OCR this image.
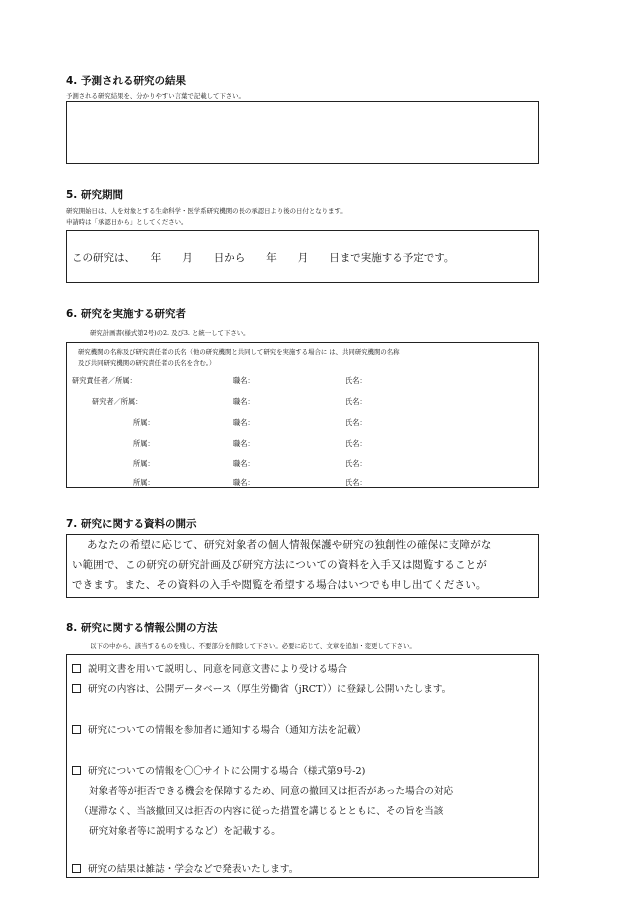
4. 予測される研究の結果
予測される研究結果を、分かりやすい言葉で記載して下さい。
5. 研究期間
研究開始日は、人を対象とする生命科学・医学系研究機関の長の承認日より後の日付となります。
申請時は「承認日から」としてください。
この研究は、　　年　　月　　日から　　年　　月　　日まで実施する予定です。
6. 研究を実施する研究者
研究計画書(様式第2号)の2. 及び3. と統一して下さい。
研究機関の名称及び研究責任者の氏名（他の研究機関と共同して研究を実施する場合に は、共同研究機関の名称
及び共同研究機関の研究責任者の氏名を含む。）
研究責任者／所属：	職名：	氏名：
研究者／所属：	職名：	氏名：
所属：	職名：	氏名：
所属：	職名：	氏名：
所属：	職名：	氏名：
所属：	職名：	氏名：
7. 研究に関する資料の開示
あなたの希望に応じて、研究対象者の個人情報保護や研究の独創性の確保に支障がな
い範囲で、この研究の研究計画及び研究方法についての資料を入手又は閲覧することが
できます。また、その資料の入手や閲覧を希望する場合はいつでも申し出てください。
8. 研究に関する情報公開の方法
以下の中から、該当するものを残し、不要部分を削除して下さい。必要に応じて、文章を追加・変更して下さい。
説明文書を用いて説明し、同意を同意文書により受ける場合
研究の内容は、公開データベース（厚生労働省（jRCT））に登録し公開いたします。
研究についての情報を参加者に通知する場合（通知方法を記載）
研究についての情報を〇〇サイトに公開する場合（様式第9号-2)
対象者等が拒否できる機会を保障するため、同意の撤回又は拒否があった場合の対応
（遅滞なく、当該撤回又は拒否の内容に従った措置を講じるとともに、その旨を当該
研究対象者等に説明するなど）を記載する。
研究の結果は雑誌・学会などで発表いたします。
